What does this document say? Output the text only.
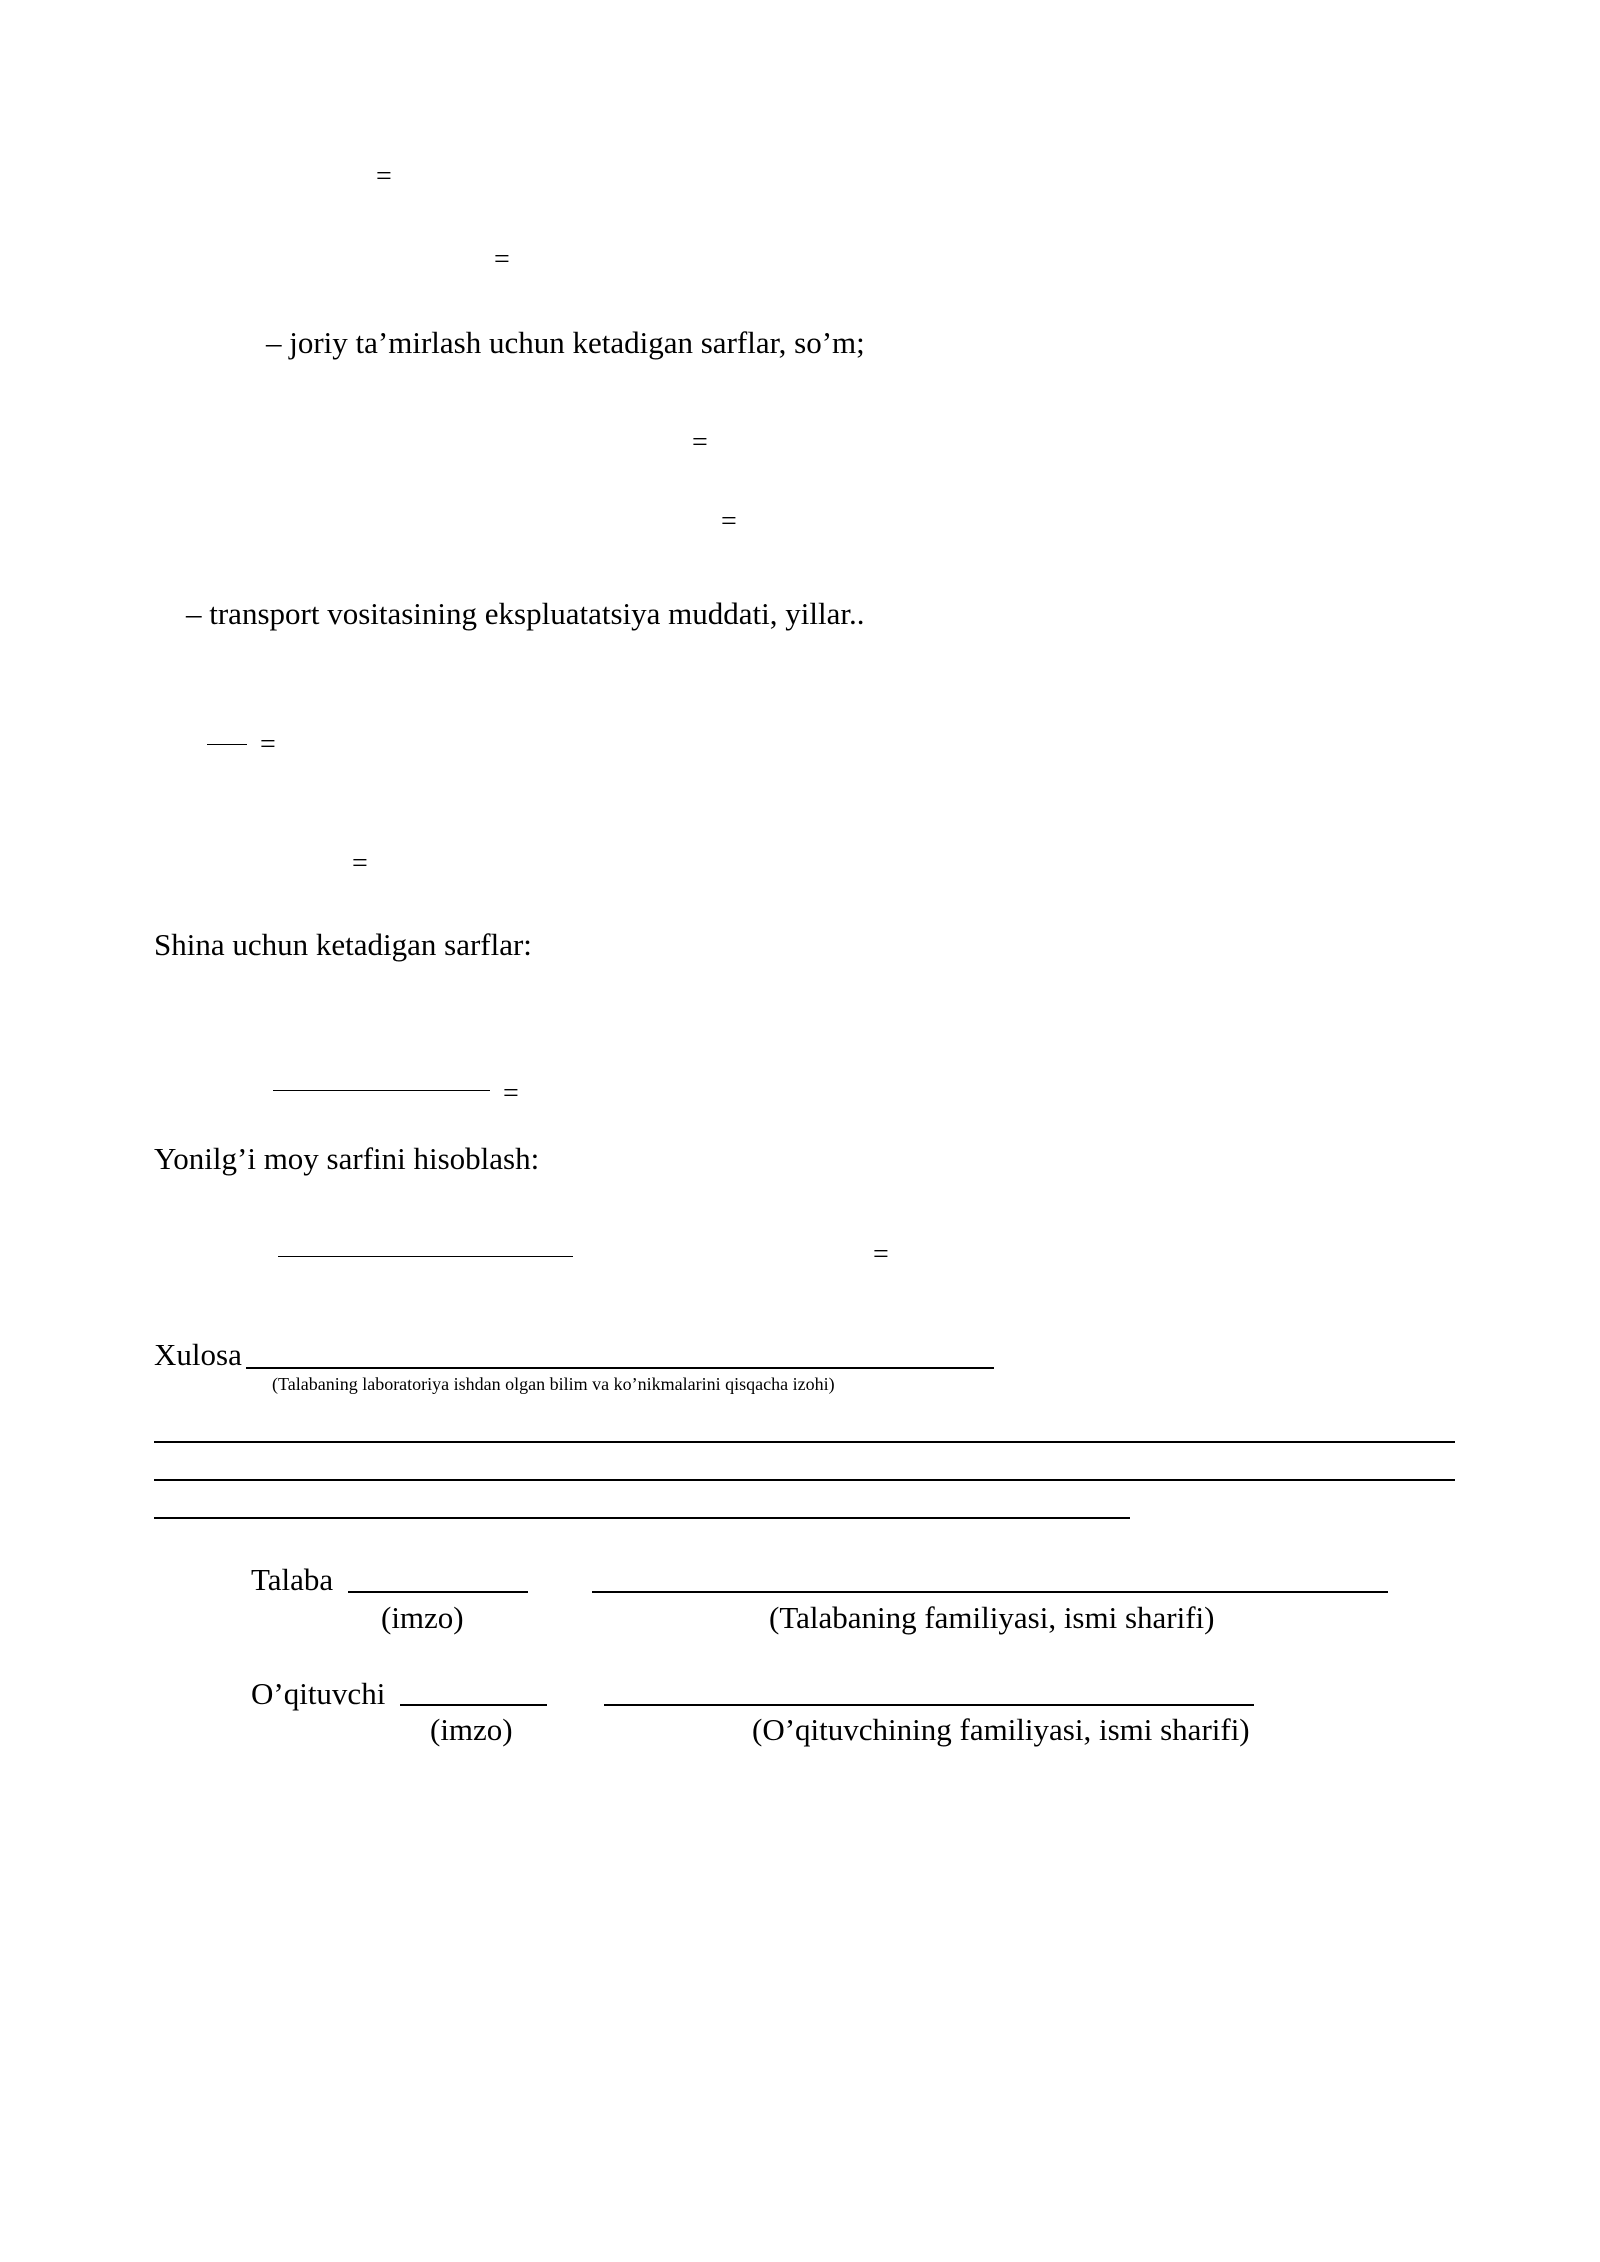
=
=
– joriy ta’mirlash uchun ketadigan sarflar, so’m;
=
=
– transport vositasining ekspluatatsiya muddati, yillar..
=
=
Shina uchun ketadigan sarflar:
=
Yonilg’i moy sarfini hisoblash:
=
Xulosa
(Talabaning laboratoriya ishdan olgan bilim va ko’nikmalarini qisqacha izohi)
Talaba
(imzo)	(Talabaning familiyasi, ismi sharifi)
O’qituvchi
(imzo)	(O’qituvchining familiyasi, ismi sharifi)
